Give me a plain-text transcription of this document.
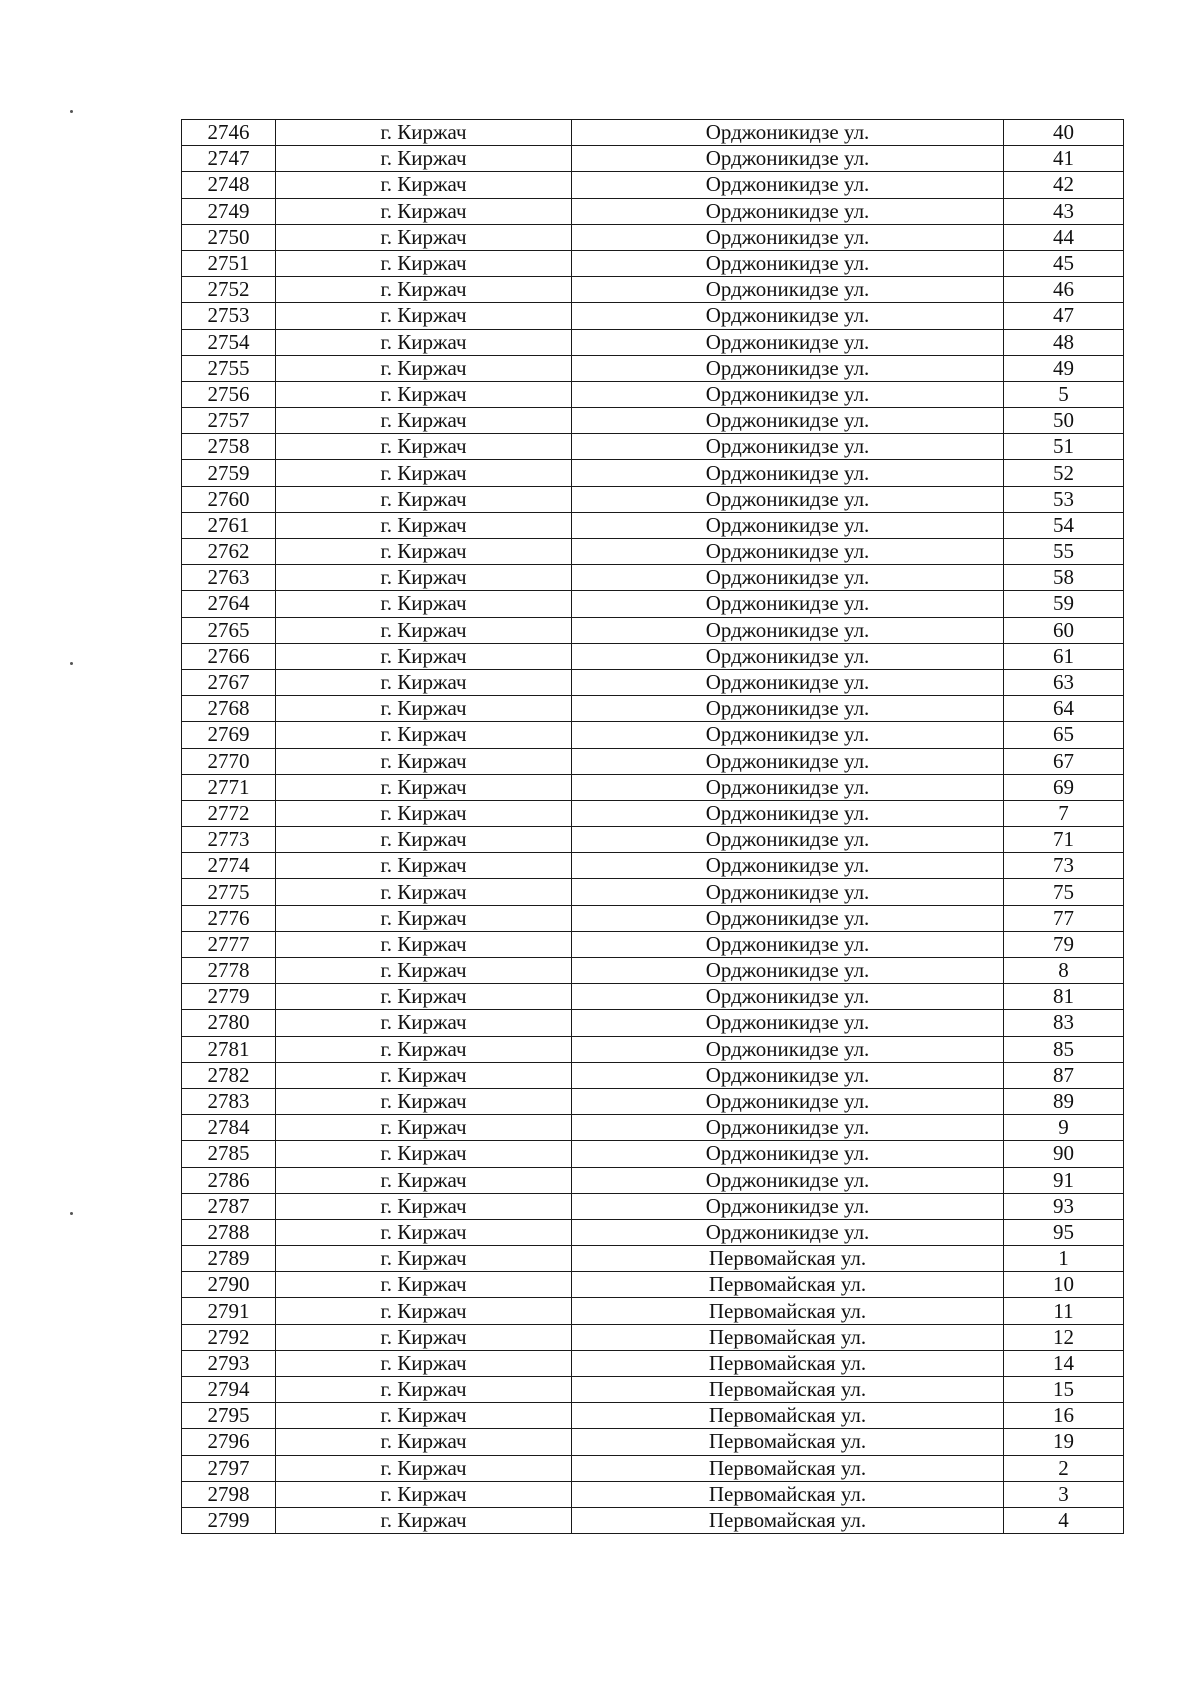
2746	г. Киржач	Орджоникидзе ул.	40
2747	г. Киржач	Орджоникидзе ул.	41
2748	г. Киржач	Орджоникидзе ул.	42
2749	г. Киржач	Орджоникидзе ул.	43
2750	г. Киржач	Орджоникидзе ул.	44
2751	г. Киржач	Орджоникидзе ул.	45
2752	г. Киржач	Орджоникидзе ул.	46
2753	г. Киржач	Орджоникидзе ул.	47
2754	г. Киржач	Орджоникидзе ул.	48
2755	г. Киржач	Орджоникидзе ул.	49
2756	г. Киржач	Орджоникидзе ул.	5
2757	г. Киржач	Орджоникидзе ул.	50
2758	г. Киржач	Орджоникидзе ул.	51
2759	г. Киржач	Орджоникидзе ул.	52
2760	г. Киржач	Орджоникидзе ул.	53
2761	г. Киржач	Орджоникидзе ул.	54
2762	г. Киржач	Орджоникидзе ул.	55
2763	г. Киржач	Орджоникидзе ул.	58
2764	г. Киржач	Орджоникидзе ул.	59
2765	г. Киржач	Орджоникидзе ул.	60
2766	г. Киржач	Орджоникидзе ул.	61
2767	г. Киржач	Орджоникидзе ул.	63
2768	г. Киржач	Орджоникидзе ул.	64
2769	г. Киржач	Орджоникидзе ул.	65
2770	г. Киржач	Орджоникидзе ул.	67
2771	г. Киржач	Орджоникидзе ул.	69
2772	г. Киржач	Орджоникидзе ул.	7
2773	г. Киржач	Орджоникидзе ул.	71
2774	г. Киржач	Орджоникидзе ул.	73
2775	г. Киржач	Орджоникидзе ул.	75
2776	г. Киржач	Орджоникидзе ул.	77
2777	г. Киржач	Орджоникидзе ул.	79
2778	г. Киржач	Орджоникидзе ул.	8
2779	г. Киржач	Орджоникидзе ул.	81
2780	г. Киржач	Орджоникидзе ул.	83
2781	г. Киржач	Орджоникидзе ул.	85
2782	г. Киржач	Орджоникидзе ул.	87
2783	г. Киржач	Орджоникидзе ул.	89
2784	г. Киржач	Орджоникидзе ул.	9
2785	г. Киржач	Орджоникидзе ул.	90
2786	г. Киржач	Орджоникидзе ул.	91
2787	г. Киржач	Орджоникидзе ул.	93
2788	г. Киржач	Орджоникидзе ул.	95
2789	г. Киржач	Первомайская ул.	1
2790	г. Киржач	Первомайская ул.	10
2791	г. Киржач	Первомайская ул.	11
2792	г. Киржач	Первомайская ул.	12
2793	г. Киржач	Первомайская ул.	14
2794	г. Киржач	Первомайская ул.	15
2795	г. Киржач	Первомайская ул.	16
2796	г. Киржач	Первомайская ул.	19
2797	г. Киржач	Первомайская ул.	2
2798	г. Киржач	Первомайская ул.	3
2799	г. Киржач	Первомайская ул.	4
